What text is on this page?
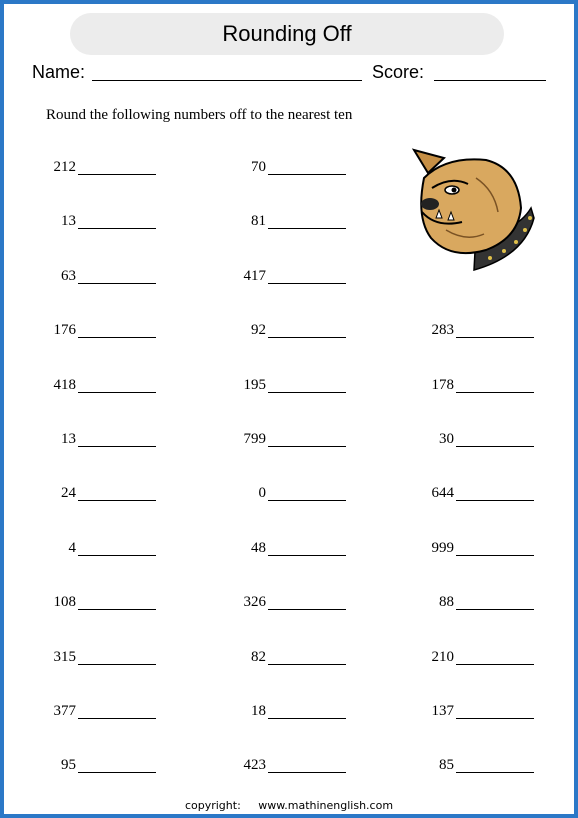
Rounding Off
Name:	Score:
Round the following numbers off to the nearest ten
212
13
63
176
418
13
24
4
108
315
377
95
70
81
417
92
195
799
0
48
326
82
18
423
283
178
30
644
999
88
210
137
85
copyright: www.mathinenglish.com
